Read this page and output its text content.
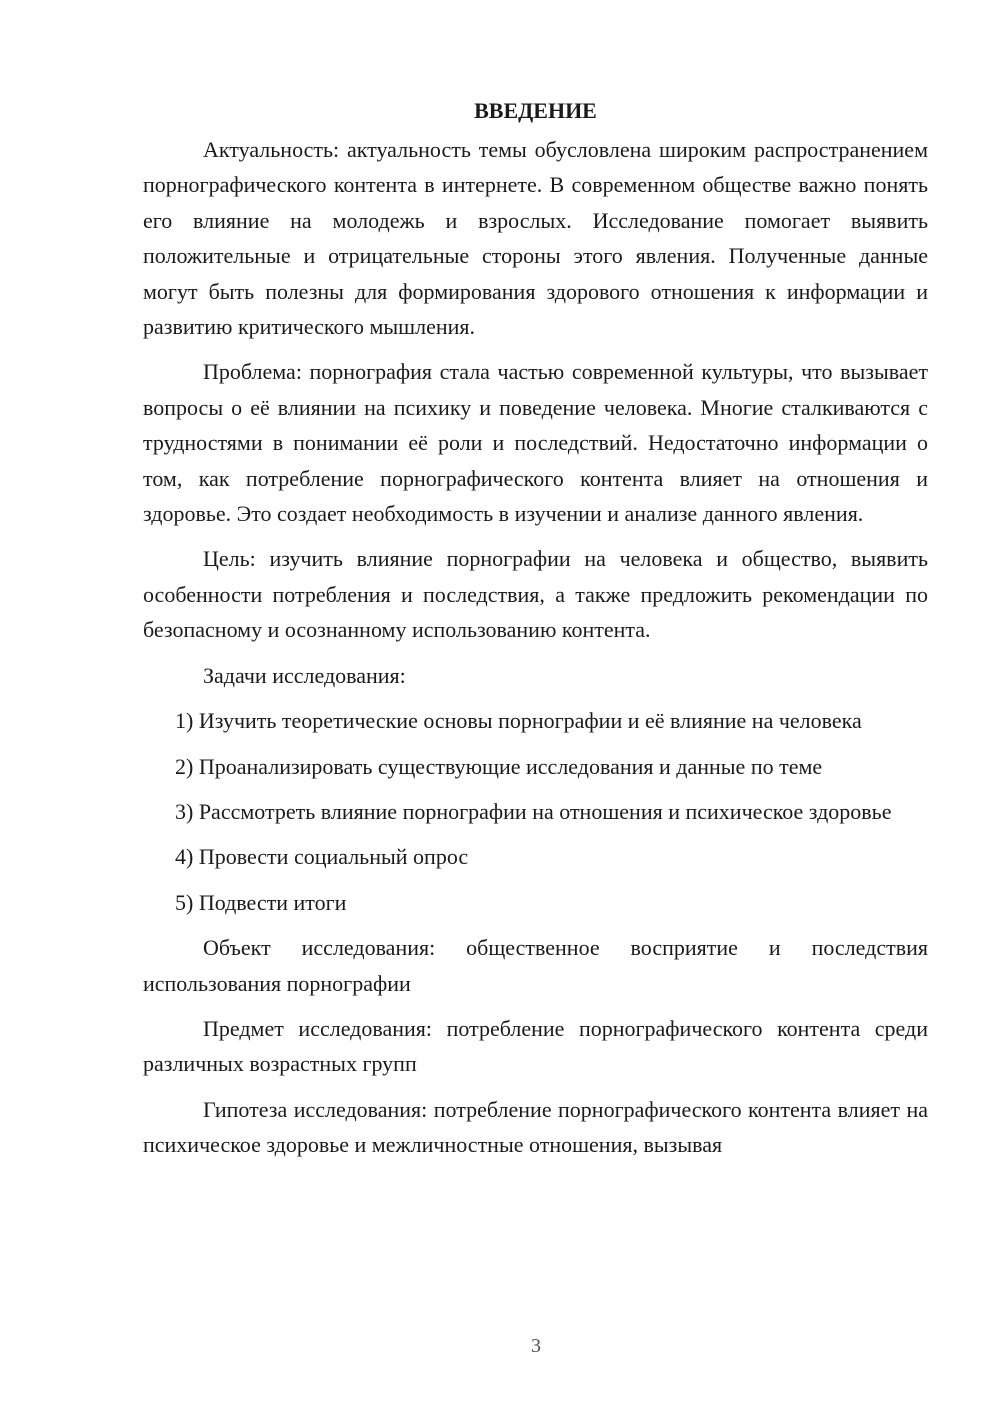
ВВЕДЕНИЕ

Актуальность: актуальность темы обусловлена широким распространением порнографического контента в интернете. В современном обществе важно понять его влияние на молодежь и взрослых. Исследование помогает выявить положительные и отрицательные стороны этого явления. Полученные данные могут быть полезны для формирования здорового отношения к информации и развитию критического мышления.

Проблема: порнография стала частью современной культуры, что вызывает вопросы о её влиянии на психику и поведение человека. Многие сталкиваются с трудностями в понимании её роли и последствий. Недостаточно информации о том, как потребление порнографического контента влияет на отношения и здоровье. Это создает необходимость в изучении и анализе данного явления.

Цель: изучить влияние порнографии на человека и общество, выявить особенности потребления и последствия, а также предложить рекомендации по безопасному и осознанному использованию контента.

Задачи исследования:

1) Изучить теоретические основы порнографии и её влияние на человека

2) Проанализировать существующие исследования и данные по теме

3) Рассмотреть влияние порнографии на отношения и психическое здоровье

4) Провести социальный опрос

5) Подвести итоги

Объект исследования: общественное восприятие и последствия использования порнографии

Предмет исследования: потребление порнографического контента среди различных возрастных групп

Гипотеза исследования: потребление порнографического контента влияет на психическое здоровье и межличностные отношения, вызывая

3
